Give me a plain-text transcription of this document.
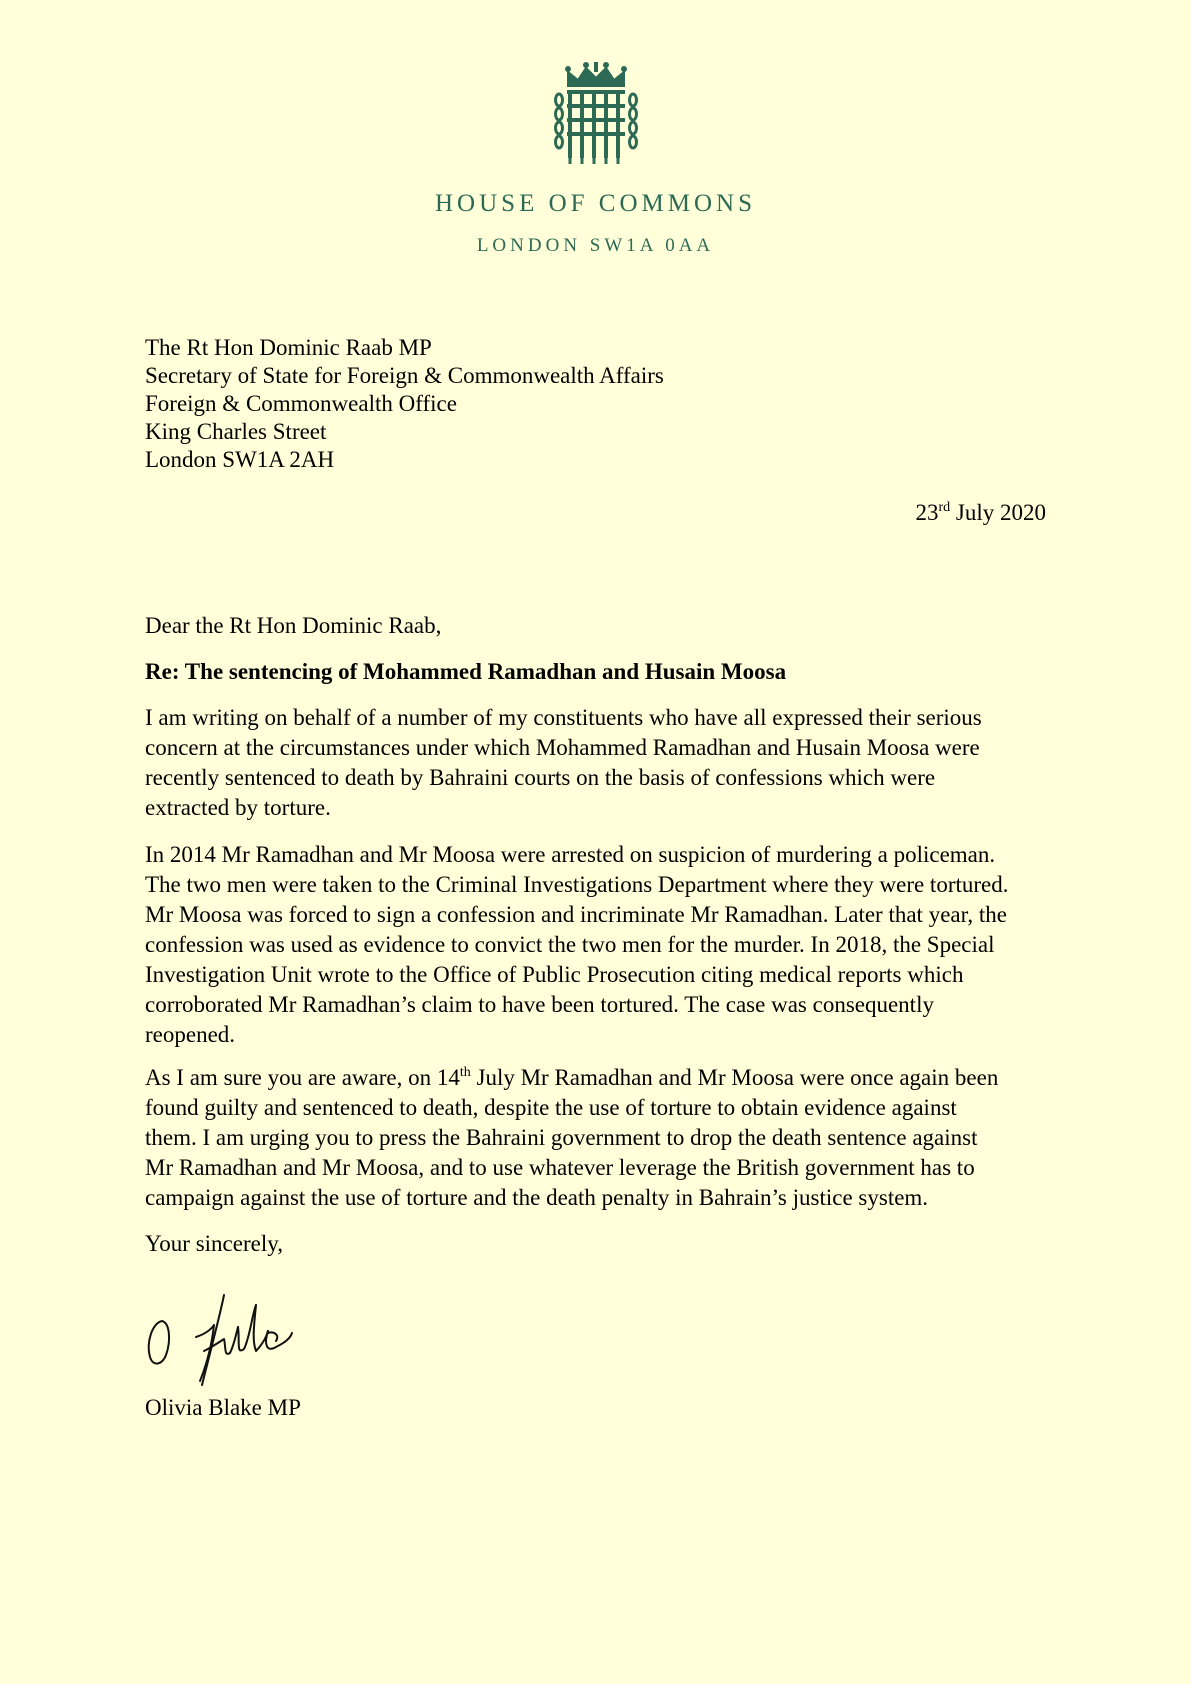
HOUSE OF COMMONS
LONDON SW1A 0AA
The Rt Hon Dominic Raab MP
Secretary of State for Foreign & Commonwealth Affairs
Foreign & Commonwealth Office
King Charles Street
London SW1A 2AH
23rd July 2020
Dear the Rt Hon Dominic Raab,
Re: The sentencing of Mohammed Ramadhan and Husain Moosa
I am writing on behalf of a number of my constituents who have all expressed their serious
concern at the circumstances under which Mohammed Ramadhan and Husain Moosa were
recently sentenced to death by Bahraini courts on the basis of confessions which were
extracted by torture.
In 2014 Mr Ramadhan and Mr Moosa were arrested on suspicion of murdering a policeman.
The two men were taken to the Criminal Investigations Department where they were tortured.
Mr Moosa was forced to sign a confession and incriminate Mr Ramadhan. Later that year, the
confession was used as evidence to convict the two men for the murder. In 2018, the Special
Investigation Unit wrote to the Office of Public Prosecution citing medical reports which
corroborated Mr Ramadhan’s claim to have been tortured. The case was consequently
reopened.
As I am sure you are aware, on 14th July Mr Ramadhan and Mr Moosa were once again been
found guilty and sentenced to death, despite the use of torture to obtain evidence against
them. I am urging you to press the Bahraini government to drop the death sentence against
Mr Ramadhan and Mr Moosa, and to use whatever leverage the British government has to
campaign against the use of torture and the death penalty in Bahrain’s justice system.
Your sincerely,
Olivia Blake MP
